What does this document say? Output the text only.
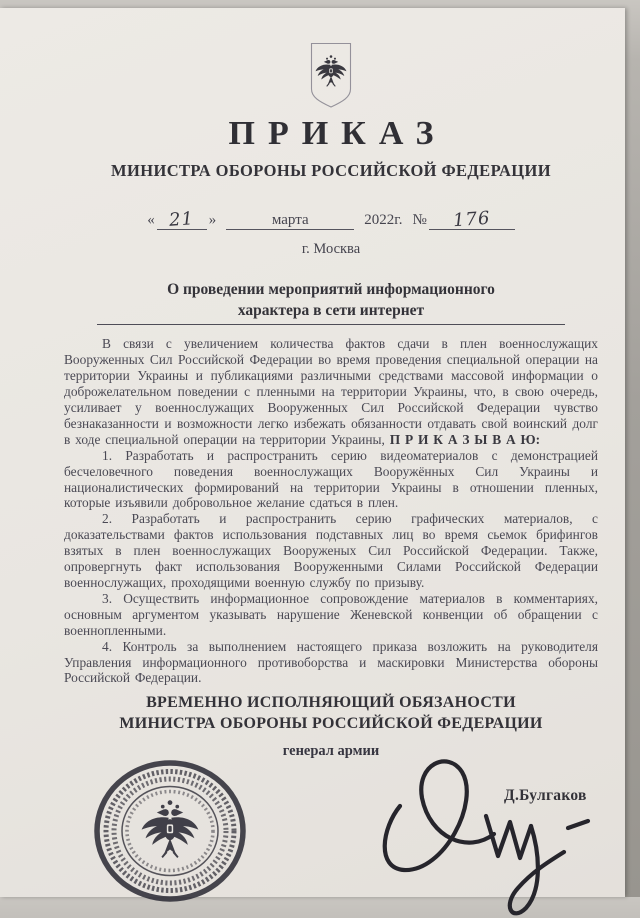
ПРИКАЗ
МИНИСТРА ОБОРОНЫ РОССИЙСКОЙ ФЕДЕРАЦИИ
« 21 »	марта	2022г. № 176
г. Москва
О проведении мероприятий информационного
характера в сети интернет

В связи с увеличением количества фактов сдачи в плен военнослужащих Вооруженных Сил Российской Федерации во время проведения специальной операции на территории Украины и публикациями различными средствами массовой информации о доброжелательном поведении с пленными на территории Украины, что, в свою очередь, усиливает у военнослужащих Вооруженных Сил Российской Федерации чувство безнаказанности и возможности легко избежать обязанности отдавать свой воинский долг в ходе специальной операции на территории Украины, П Р И К А З Ы В А Ю:

1. Разработать и распространить серию видеоматериалов с демонстрацией бесчеловечного поведения военнослужащих Вооружённых Сил Украины и националистических формирований на территории Украины в отношении пленных, которые изъявили добровольное желание сдаться в плен.

2. Разработать и распространить серию графических материалов, с доказательствами фактов использования подставных лиц во время сьемок брифингов взятых в плен военнослужащих Вооруженых Сил Российской Федерации. Также, опровергнуть факт использования Вооруженными Силами Российской Федерации военнослужащих, проходящими военную службу по призыву.

3. Осуществить информационное сопровождение материалов в комментариях, основным аргументом указывать нарушение Женевской конвенции об обращении с военнопленными.

4. Контроль за выполнением настоящего приказа возложить на руководителя Управления информационного противоборства и маскировки Министерства обороны Российской Федерации.

ВРЕМЕННО ИСПОЛНЯЮЩИЙ ОБЯЗАНОСТИ
МИНИСТРА ОБОРОНЫ РОССИЙСКОЙ ФЕДЕРАЦИИ
генерал армии
Д.Булгаков
